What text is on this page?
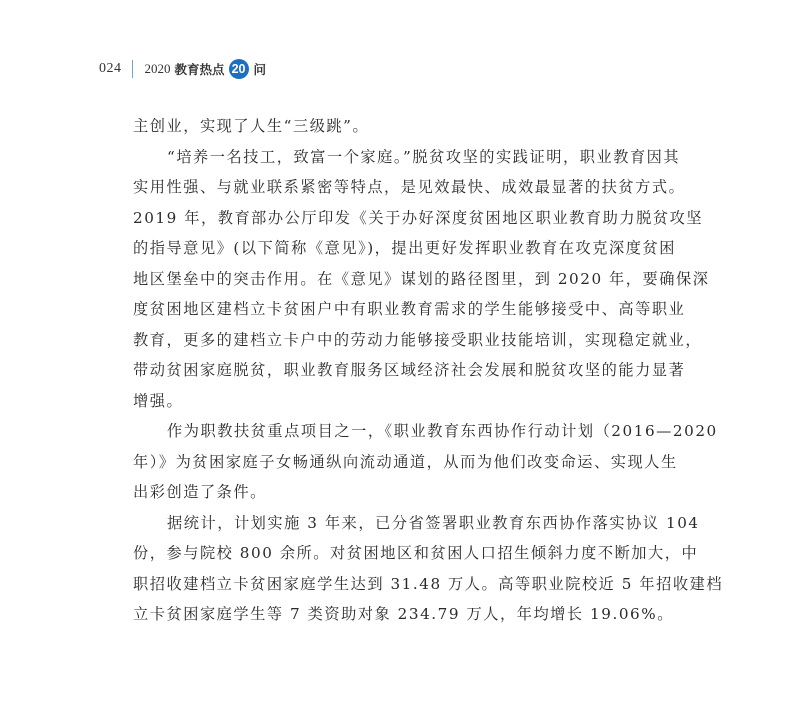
024 2020 教育热点 20 问
主创业，实现了人生“三级跳”。
“培养一名技工，致富一个家庭。”脱贫攻坚的实践证明，职业教育因其
实用性强、与就业联系紧密等特点，是见效最快、成效最显著的扶贫方式。
2019 年，教育部办公厅印发《关于办好深度贫困地区职业教育助力脱贫攻坚
的指导意见》(以下简称《意见》)，提出更好发挥职业教育在攻克深度贫困
地区堡垒中的突击作用。在《意见》谋划的路径图里，到 2020 年，要确保深
度贫困地区建档立卡贫困户中有职业教育需求的学生能够接受中、高等职业
教育，更多的建档立卡户中的劳动力能够接受职业技能培训，实现稳定就业，
带动贫困家庭脱贫，职业教育服务区域经济社会发展和脱贫攻坚的能力显著
增强。
作为职教扶贫重点项目之一，《职业教育东西协作行动计划（2016—2020
年）》为贫困家庭子女畅通纵向流动通道，从而为他们改变命运、实现人生
出彩创造了条件。
据统计，计划实施 3 年来，已分省签署职业教育东西协作落实协议 104
份，参与院校 800 余所。对贫困地区和贫困人口招生倾斜力度不断加大，中
职招收建档立卡贫困家庭学生达到 31.48 万人。高等职业院校近 5 年招收建档
立卡贫困家庭学生等 7 类资助对象 234.79 万人，年均增长 19.06%。
